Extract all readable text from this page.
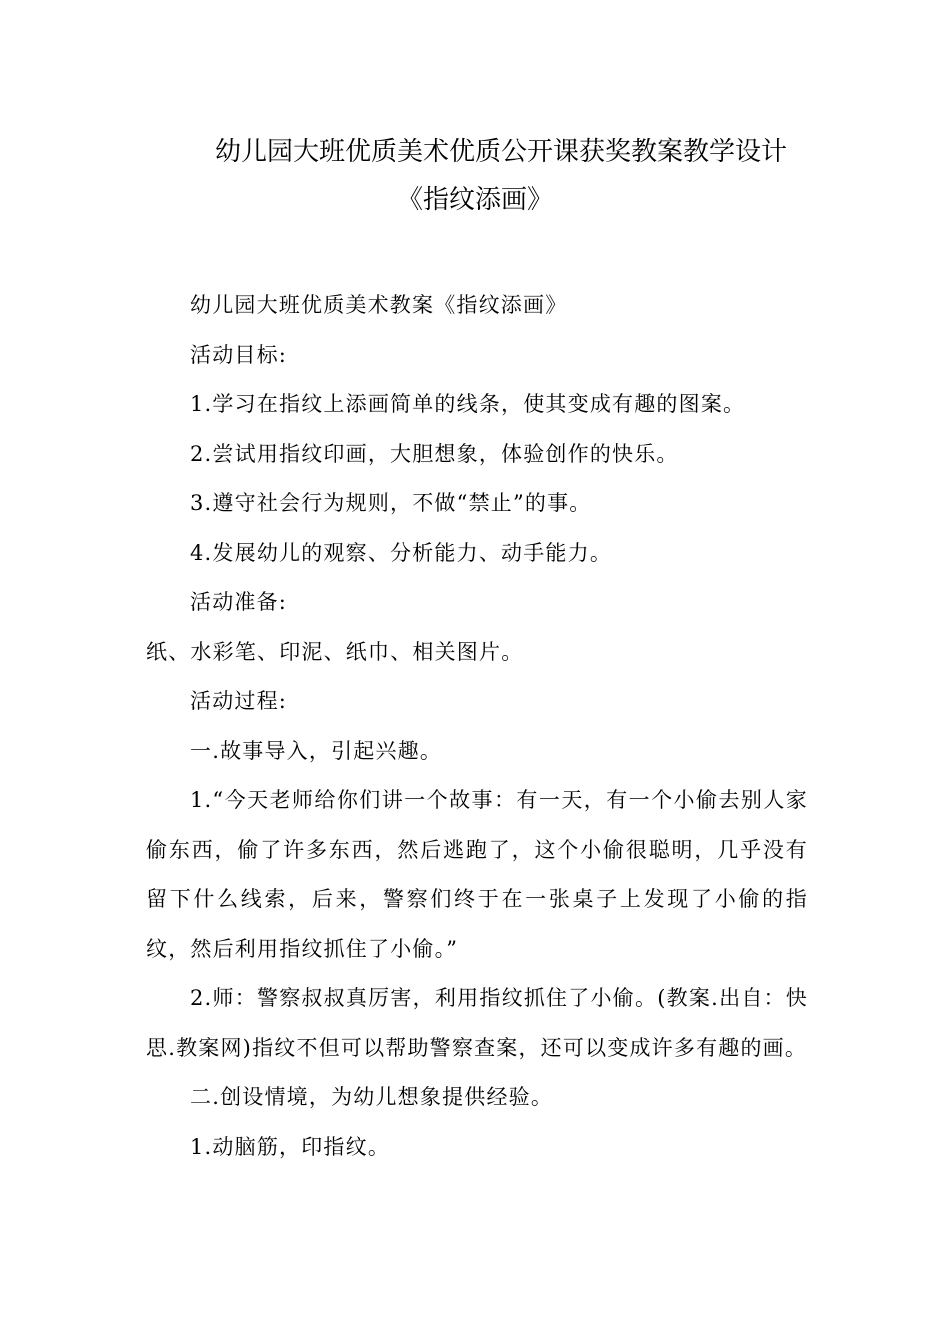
幼儿园大班优质美术优质公开课获奖教案教学设计
《指纹添画》

幼儿园大班优质美术教案《指纹添画》

活动目标:

1.学习在指纹上添画简单的线条，使其变成有趣的图案。

2.尝试用指纹印画，大胆想象，体验创作的快乐。

3.遵守社会行为规则，不做“禁止”的事。

4.发展幼儿的观察、分析能力、动手能力。

活动准备:

纸、水彩笔、印泥、纸巾、相关图片。

活动过程:

一.故事导入，引起兴趣。

1.“今天老师给你们讲一个故事：有一天，有一个小偷去别人家偷东西，偷了许多东西，然后逃跑了，这个小偷很聪明，几乎没有留下什么线索，后来，警察们终于在一张桌子上发现了小偷的指纹，然后利用指纹抓住了小偷。”

2.师：警察叔叔真厉害，利用指纹抓住了小偷。(教案.出自：快思.教案网)指纹不但可以帮助警察查案，还可以变成许多有趣的画。

二.创设情境，为幼儿想象提供经验。

1.动脑筋，印指纹。
